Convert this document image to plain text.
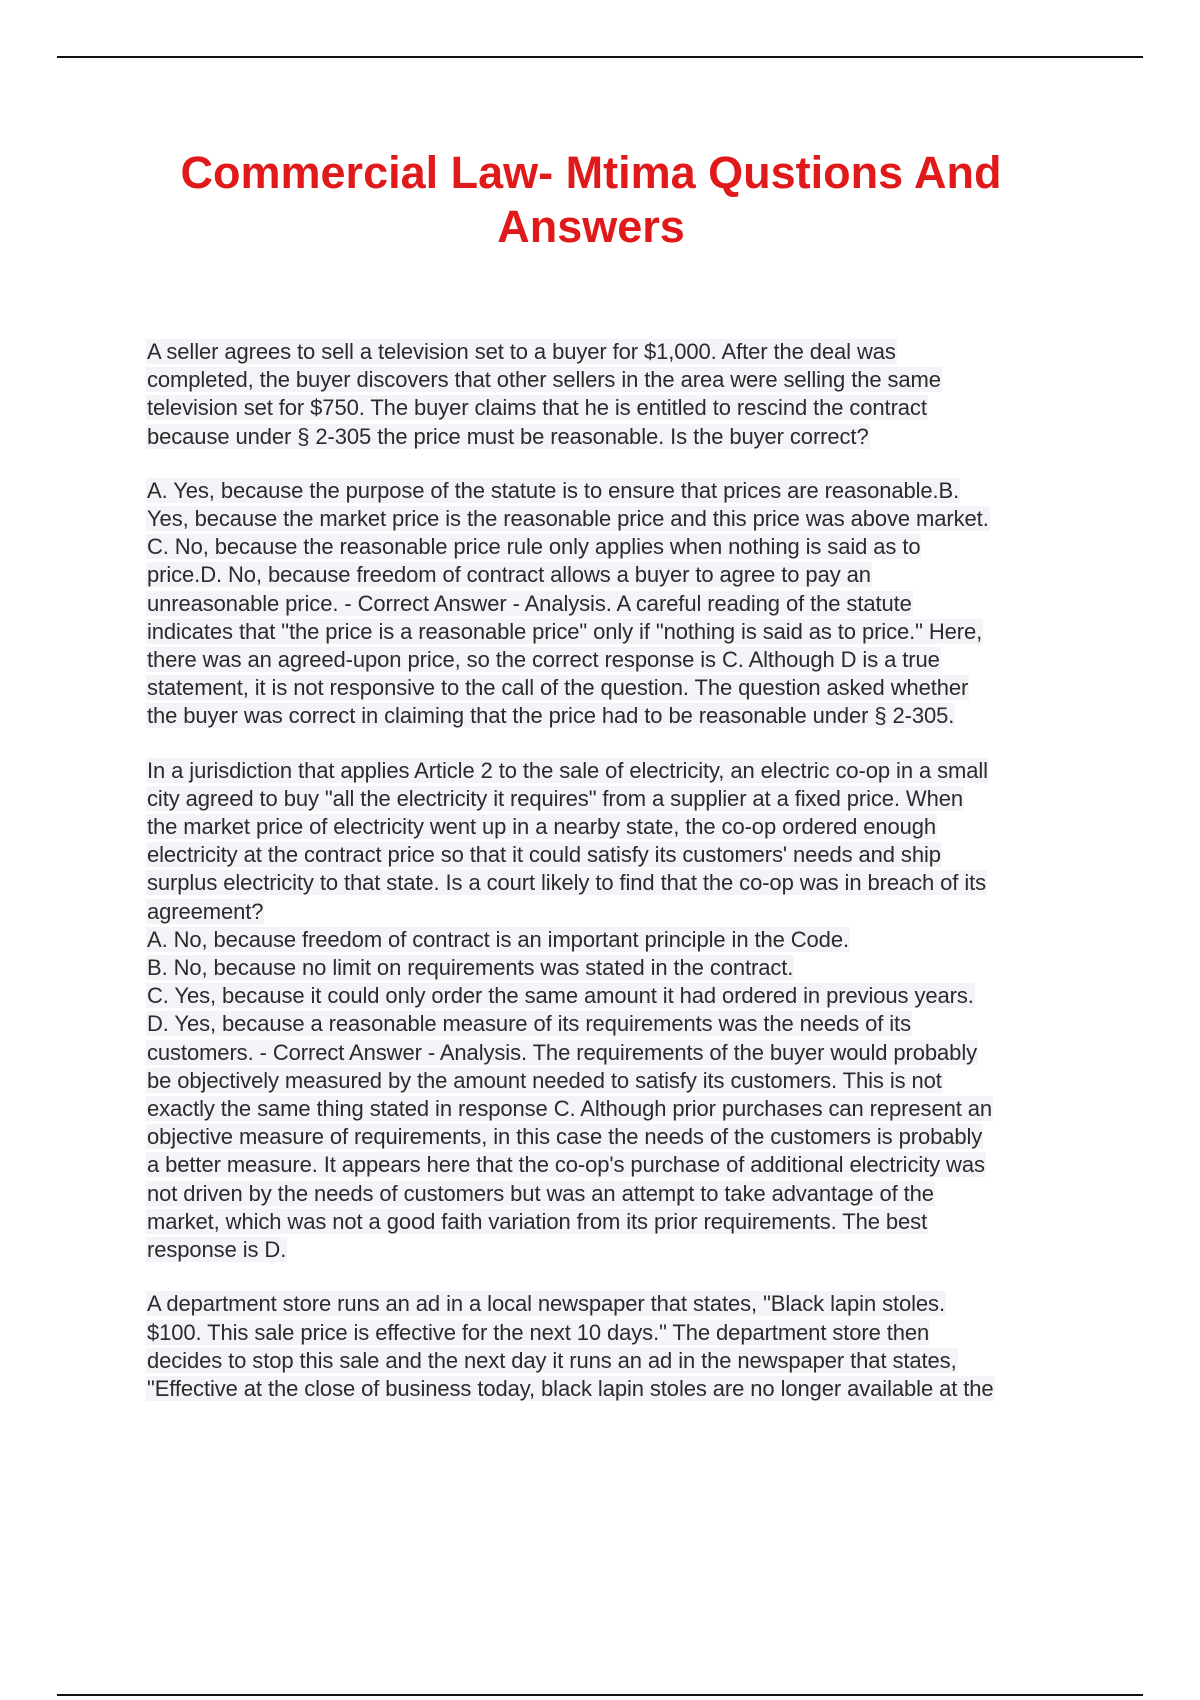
Commercial Law- Mtima Qustions And Answers
A seller agrees to sell a television set to a buyer for $1,000. After the deal was
completed, the buyer discovers that other sellers in the area were selling the same
television set for $750. The buyer claims that he is entitled to rescind the contract
because under § 2-305 the price must be reasonable. Is the buyer correct?
A. Yes, because the purpose of the statute is to ensure that prices are reasonable.B.
Yes, because the market price is the reasonable price and this price was above market.
C. No, because the reasonable price rule only applies when nothing is said as to
price.D. No, because freedom of contract allows a buyer to agree to pay an
unreasonable price. - Correct Answer - Analysis. A careful reading of the statute
indicates that "the price is a reasonable price" only if "nothing is said as to price." Here,
there was an agreed-upon price, so the correct response is C. Although D is a true
statement, it is not responsive to the call of the question. The question asked whether
the buyer was correct in claiming that the price had to be reasonable under § 2-305.
In a jurisdiction that applies Article 2 to the sale of electricity, an electric co-op in a small
city agreed to buy "all the electricity it requires" from a supplier at a fixed price. When
the market price of electricity went up in a nearby state, the co-op ordered enough
electricity at the contract price so that it could satisfy its customers' needs and ship
surplus electricity to that state. Is a court likely to find that the co-op was in breach of its
agreement?
A. No, because freedom of contract is an important principle in the Code.
B. No, because no limit on requirements was stated in the contract.
C. Yes, because it could only order the same amount it had ordered in previous years.
D. Yes, because a reasonable measure of its requirements was the needs of its
customers. - Correct Answer - Analysis. The requirements of the buyer would probably
be objectively measured by the amount needed to satisfy its customers. This is not
exactly the same thing stated in response C. Although prior purchases can represent an
objective measure of requirements, in this case the needs of the customers is probably
a better measure. It appears here that the co-op's purchase of additional electricity was
not driven by the needs of customers but was an attempt to take advantage of the
market, which was not a good faith variation from its prior requirements. The best
response is D.
A department store runs an ad in a local newspaper that states, "Black lapin stoles.
$100. This sale price is effective for the next 10 days." The department store then
decides to stop this sale and the next day it runs an ad in the newspaper that states,
"Effective at the close of business today, black lapin stoles are no longer available at the
